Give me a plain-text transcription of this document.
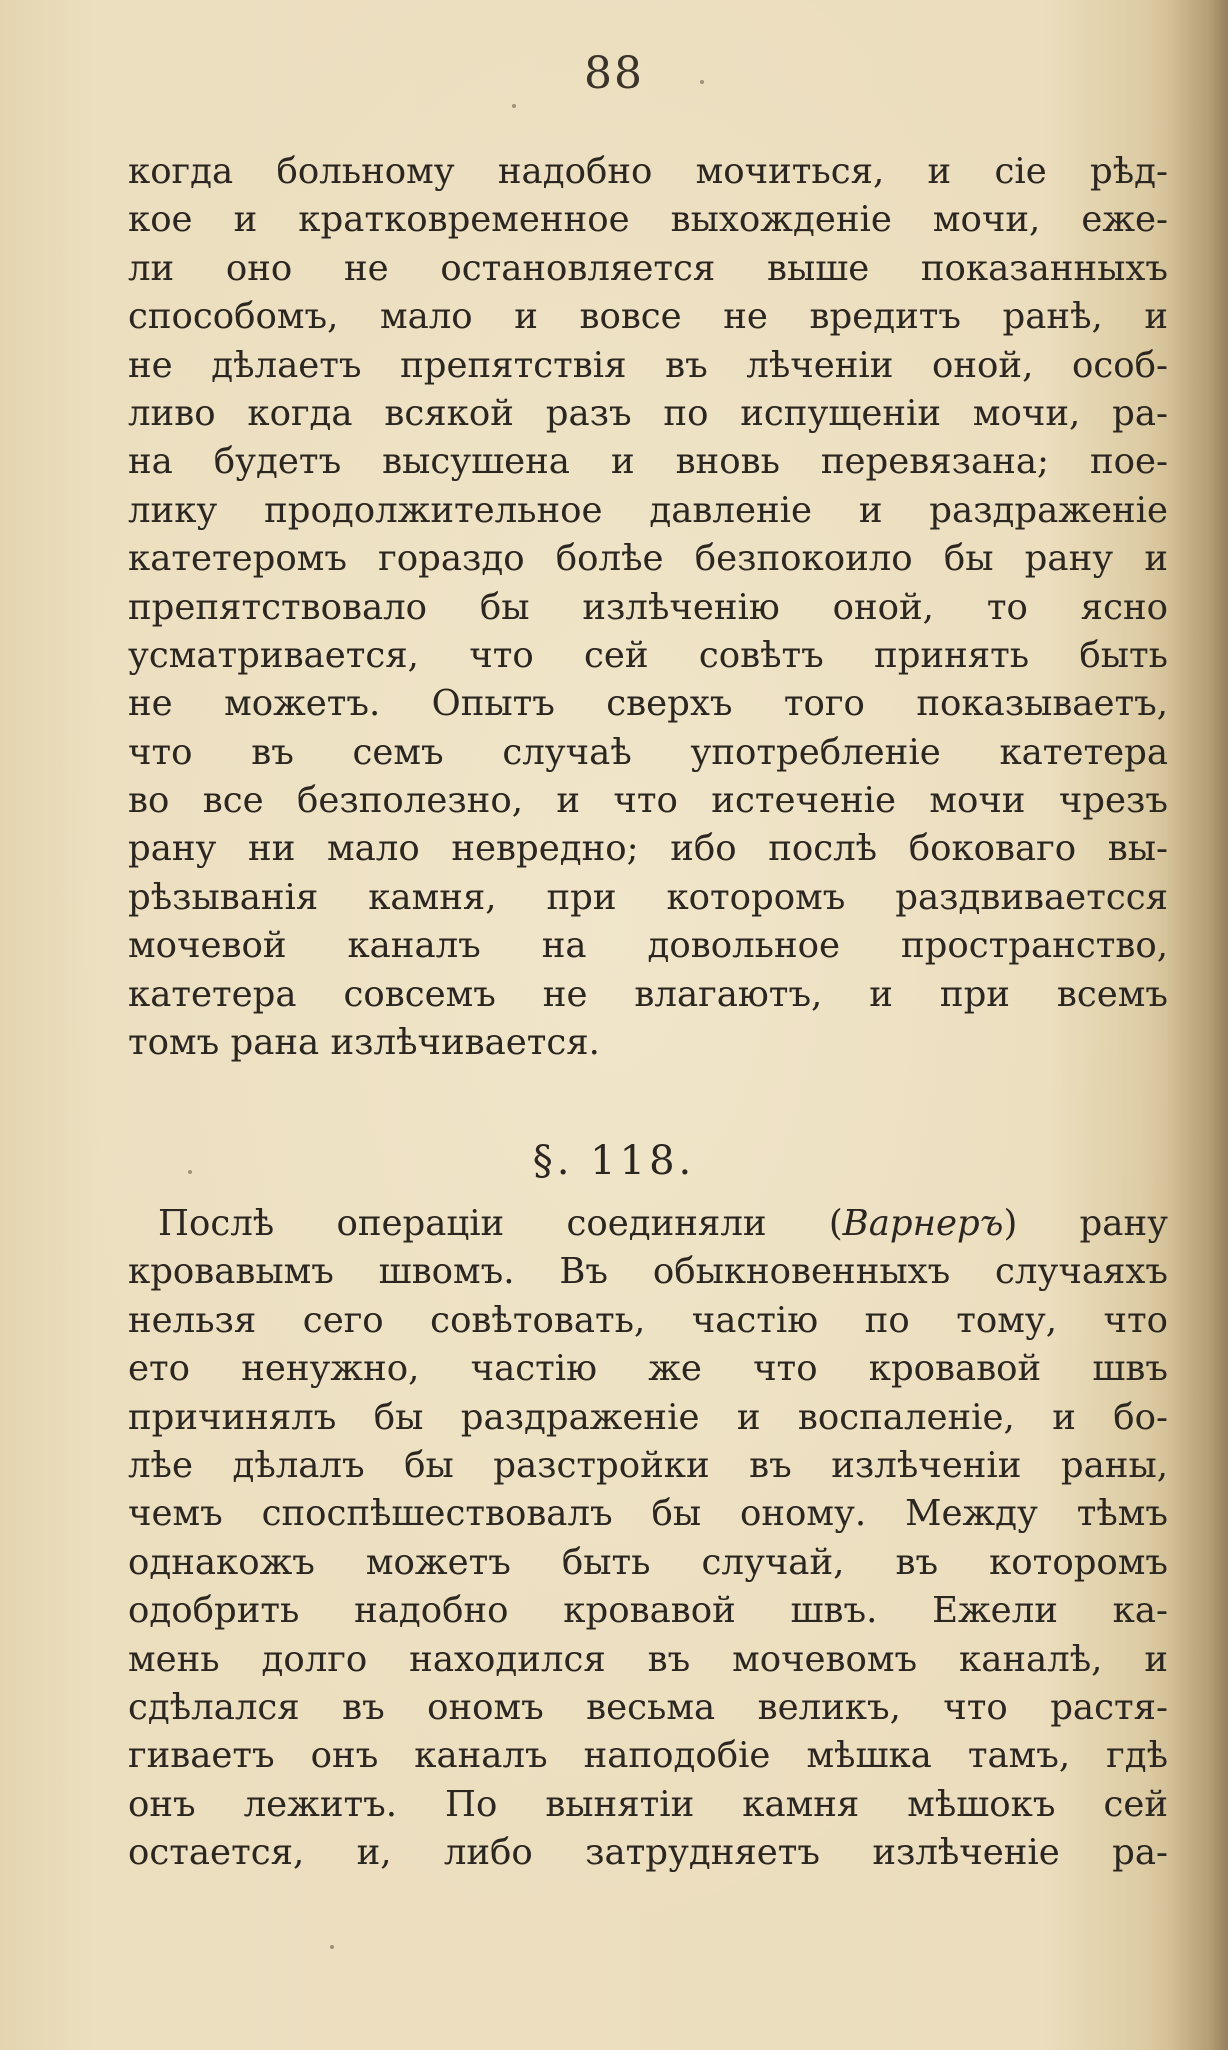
88
когда больному надобно мочиться, и сіе рѣд-
кое и кратковременное выхожденіе мочи, еже-
ли оно не остановляется выше показанныхъ
способомъ, мало и вовсе не вредитъ ранѣ, и
не дѣлаетъ препятствія въ лѣченіи оной, особ-
ливо когда всякой разъ по испущеніи мочи, ра-
на будетъ высушена и вновь перевязана; пое-
лику продолжительное давленіе и раздраженіе
катетеромъ гораздо болѣе безпокоило бы рану и
препятствовало бы излѣченію оной, то ясно
усматривается, что сей совѣтъ принять быть
не можетъ. Опытъ сверхъ того показываетъ,
что въ семъ случаѣ употребленіе катетера
во все безполезно, и что истеченіе мочи чрезъ
рану ни мало невредно; ибо послѣ боковаго вы-
рѣзыванія камня, при которомъ раздвиваетсся
мочевой каналъ на довольное пространство,
катетера совсемъ не влагаютъ, и при всемъ
томъ рана излѣчивается.
§. 118.
Послѣ операціи соединяли (Варнеръ) рану
кровавымъ швомъ. Въ обыкновенныхъ случаяхъ
нельзя сего совѣтовать, частію по тому, что
ето ненужно, частію же что кровавой швъ
причинялъ бы раздраженіе и воспаленіе, и бо-
лѣе дѣлалъ бы разстройки въ излѣченіи раны,
чемъ споспѣшествовалъ бы оному. Между тѣмъ
однакожъ можетъ быть случай, въ которомъ
одобрить надобно кровавой швъ. Ежели ка-
мень долго находился въ мочевомъ каналѣ, и
сдѣлался въ ономъ весьма великъ, что растя-
гиваетъ онъ каналъ наподобіе мѣшка тамъ, гдѣ
онъ лежитъ. По вынятіи камня мѣшокъ сей
остается, и, либо затрудняетъ излѣченіе ра-
